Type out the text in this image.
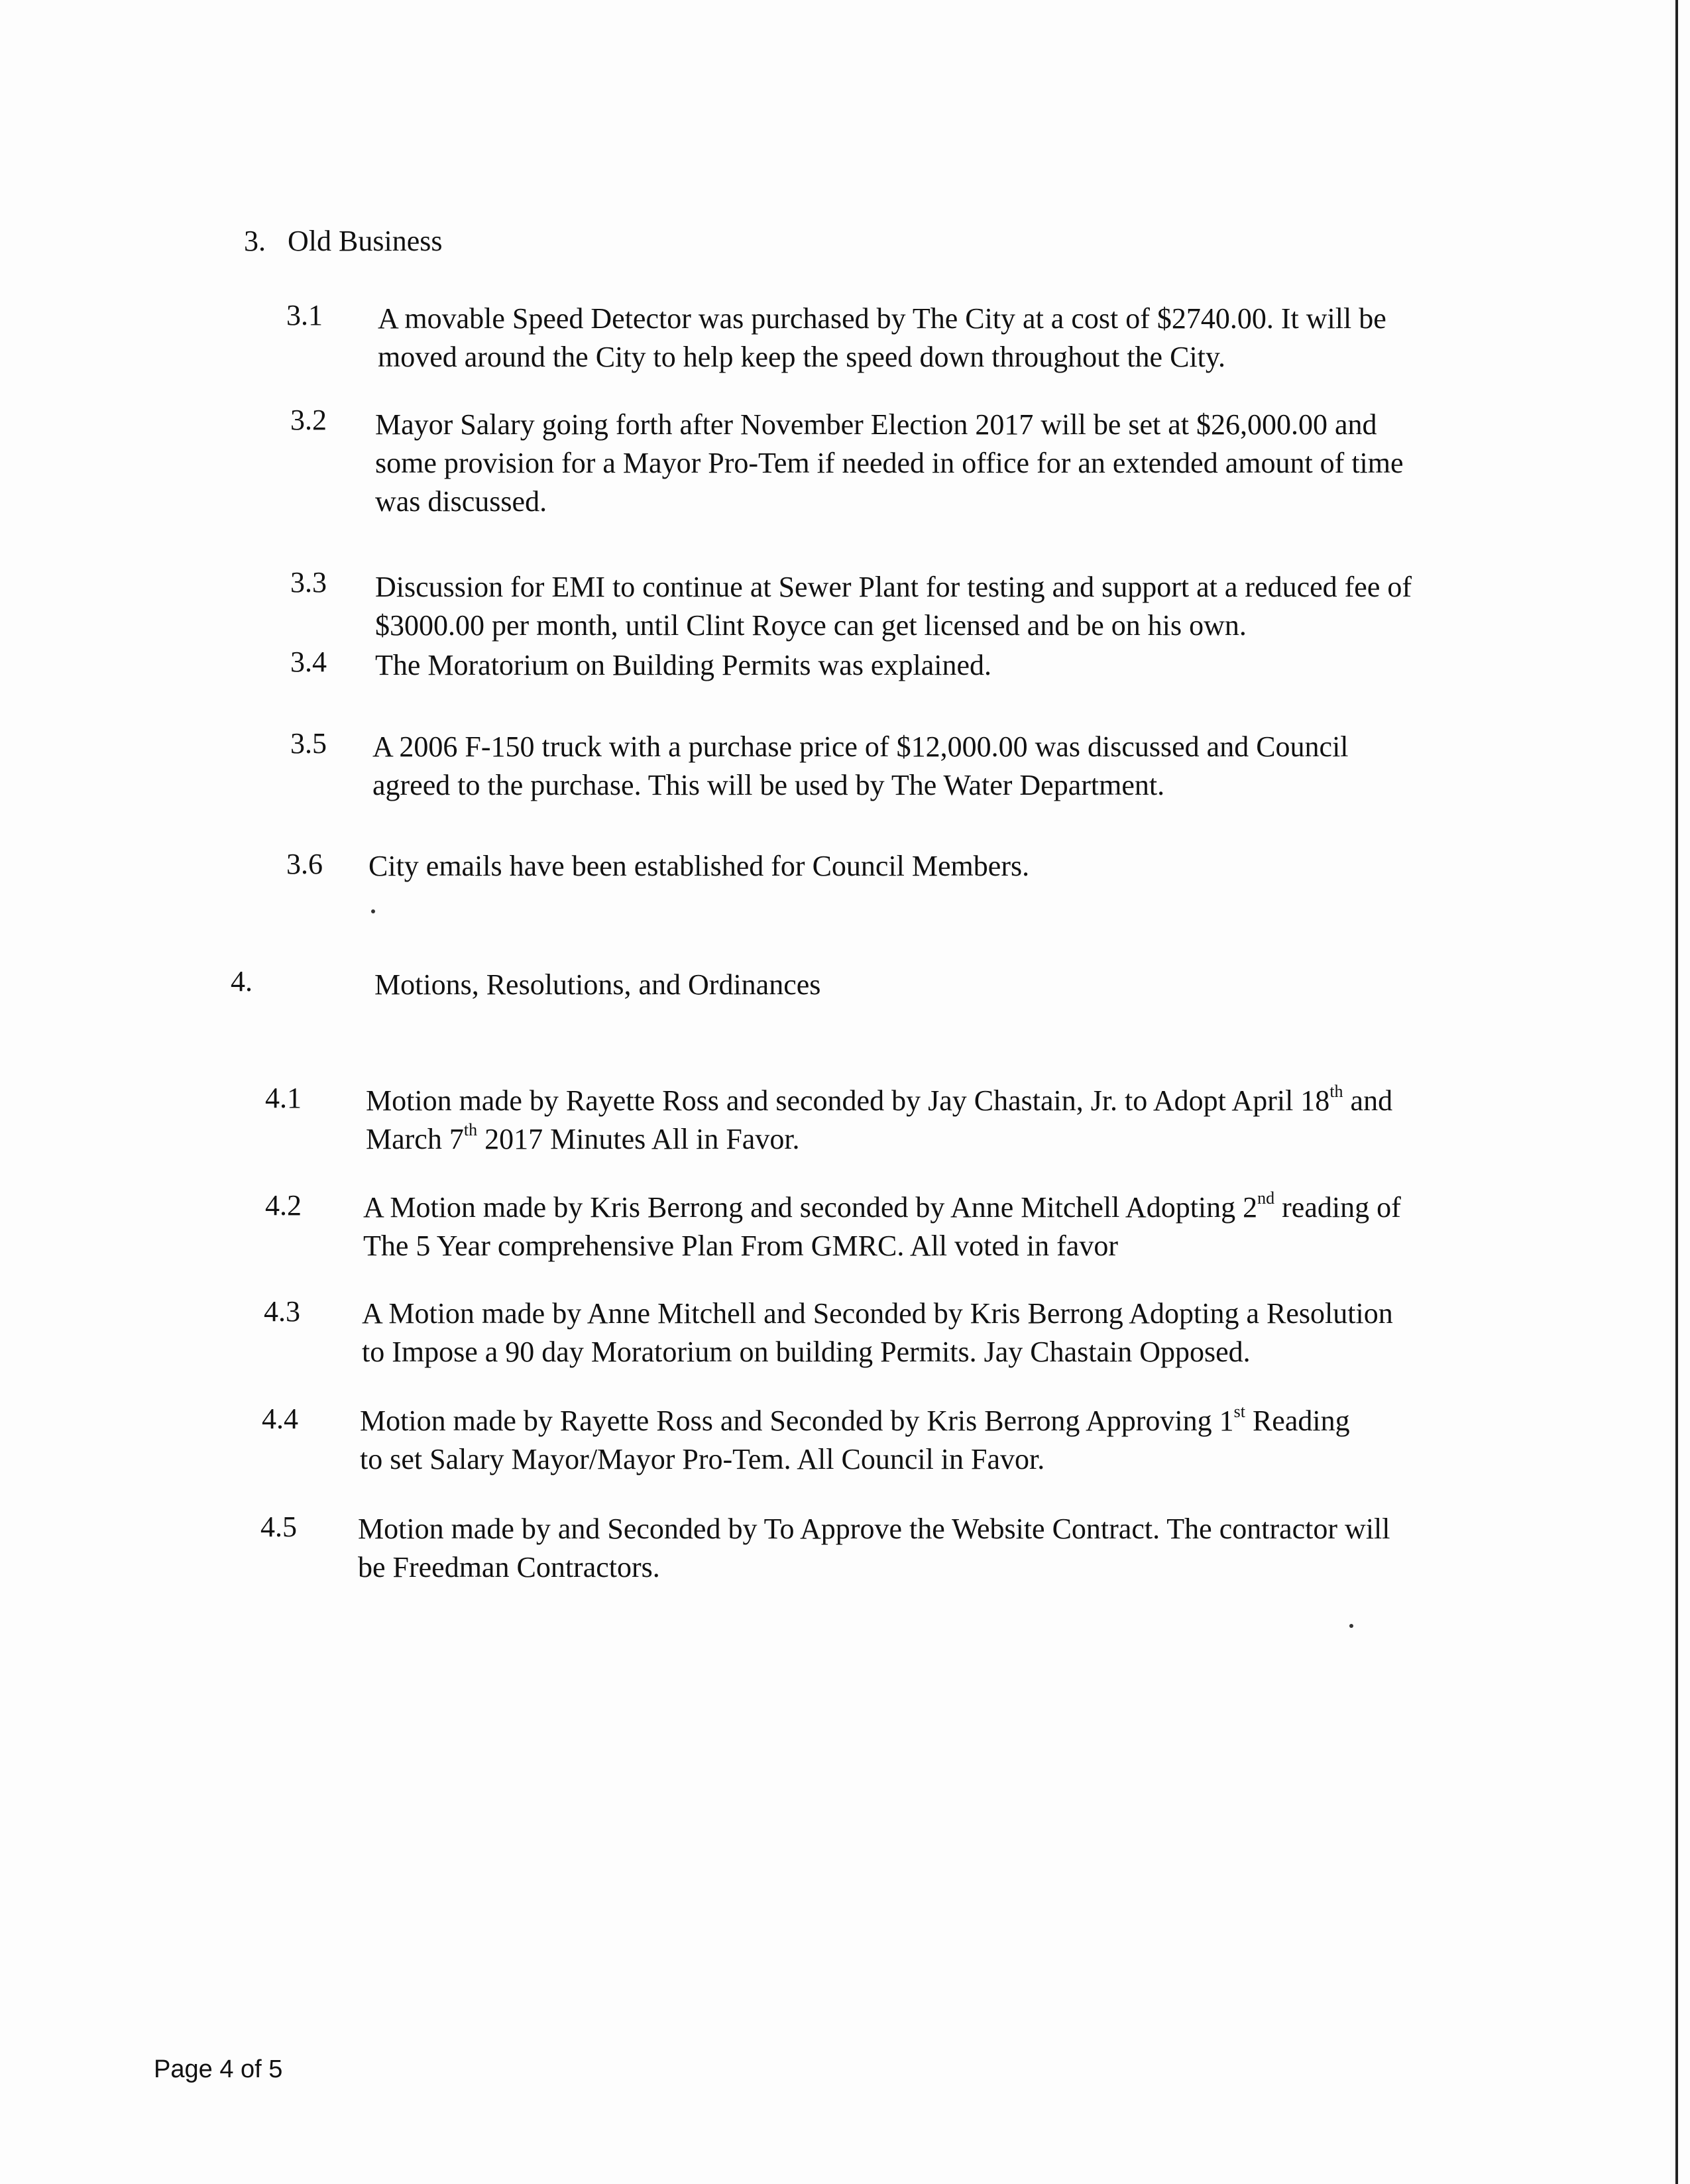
3. Old Business
3.1 A movable Speed Detector was purchased by The City at a cost of $2740.00. It will be
moved around the City to help keep the speed down throughout the City.
3.2 Mayor Salary going forth after November Election 2017 will be set at $26,000.00 and
some provision for a Mayor Pro-Tem if needed in office for an extended amount of time
was discussed.
3.3 Discussion for EMI to continue at Sewer Plant for testing and support at a reduced fee of
$3000.00 per month, until Clint Royce can get licensed and be on his own.
3.4 The Moratorium on Building Permits was explained.
3.5 A 2006 F-150 truck with a purchase price of $12,000.00 was discussed and Council
agreed to the purchase. This will be used by The Water Department.
3.6 City emails have been established for Council Members.
4.	Motions, Resolutions, and Ordinances
4.1 Motion made by Rayette Ross and seconded by Jay Chastain, Jr. to Adopt April 18th and
March 7th 2017 Minutes All in Favor.
4.2 A Motion made by Kris Berrong and seconded by Anne Mitchell Adopting 2nd reading of
The 5 Year comprehensive Plan From GMRC. All voted in favor
4.3 A Motion made by Anne Mitchell and Seconded by Kris Berrong Adopting a Resolution
to Impose a 90 day Moratorium on building Permits. Jay Chastain Opposed.
4.4 Motion made by Rayette Ross and Seconded by Kris Berrong Approving 1st Reading
to set Salary Mayor/Mayor Pro-Tem. All Council in Favor.
4.5 Motion made by and Seconded by To Approve the Website Contract. The contractor will
be Freedman Contractors.
Page 4 of 5
